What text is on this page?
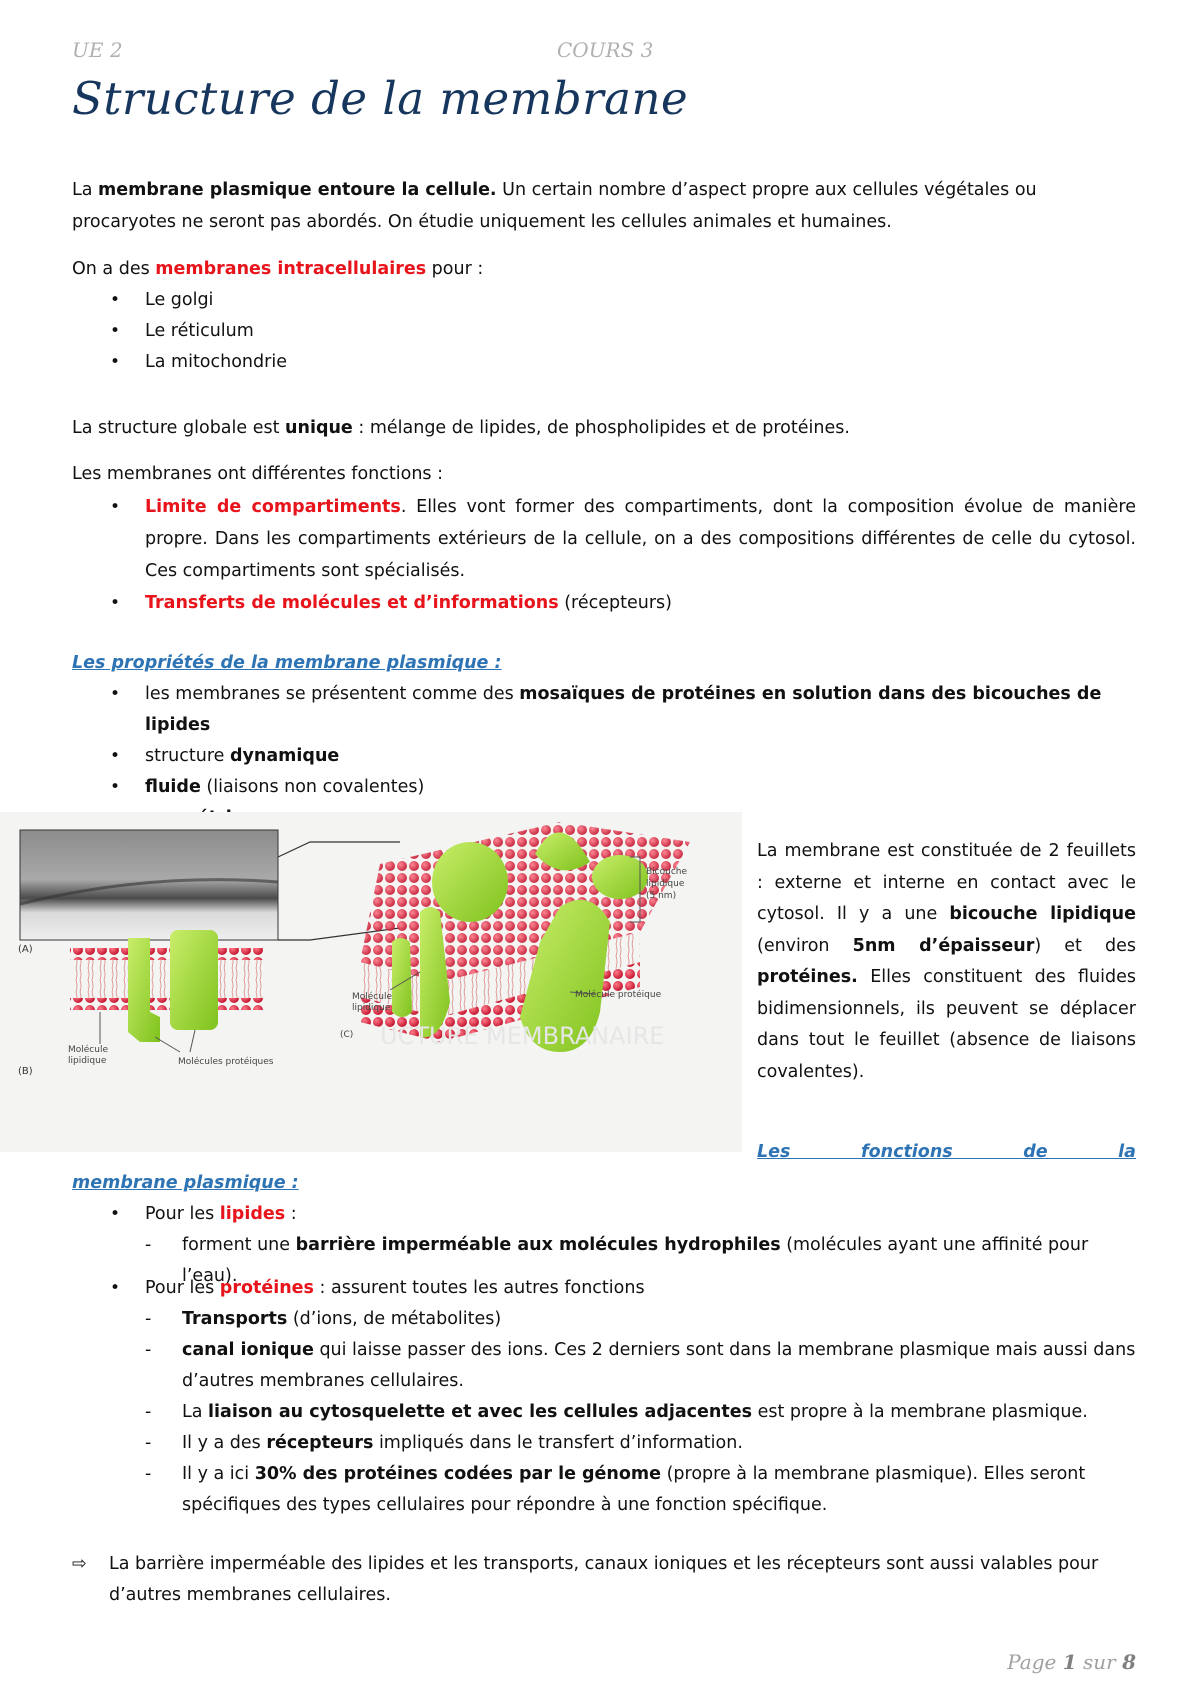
UE 2	COURS 3
Structure de la membrane
La membrane plasmique entoure la cellule. Un certain nombre d’aspect propre aux cellules végétales ou procaryotes ne seront pas abordés. On étudie uniquement les cellules animales et humaines.
On a des membranes intracellulaires pour :
• Le golgi
• Le réticulum
• La mitochondrie
La structure globale est unique : mélange de lipides, de phospholipides et de protéines.
Les membranes ont différentes fonctions :
• Limite de compartiments. Elles vont former des compartiments, dont la composition évolue de manière propre. Dans les compartiments extérieurs de la cellule, on a des compositions différentes de celle du cytosol. Ces compartiments sont spécialisés.
• Transferts de molécules et d’informations (récepteurs)
Les propriétés de la membrane plasmique :
• les membranes se présentent comme des mosaïques de protéines en solution dans des bicouches de lipides
• structure dynamique
• fluide (liaisons non covalentes)
(A)
Bicouche
lipidique
(5 nm)
Molécule protéique
Molécule
lipidique
(C)
Molécule
lipidique	Molécules protéiques
(B)
UCTURE MEMBRANAIRE
La membrane est constituée de 2 feuillets : externe et interne en contact avec le cytosol. Il y a une bicouche lipidique (environ 5nm d’épaisseur) et des protéines. Elles constituent des fluides bidimensionnels, ils peuvent se déplacer dans tout le feuillet (absence de liaisons covalentes).
Les fonctions de la
membrane plasmique :
• Pour les lipides :
- forment une barrière imperméable aux molécules hydrophiles (molécules ayant une affinité pour l’eau).
• Pour les protéines : assurent toutes les autres fonctions
- Transports (d’ions, de métabolites)
- canal ionique qui laisse passer des ions. Ces 2 derniers sont dans la membrane plasmique mais aussi dans d’autres membranes cellulaires.
- La liaison au cytosquelette et avec les cellules adjacentes est propre à la membrane plasmique.
- Il y a des récepteurs impliqués dans le transfert d’information.
- Il y a ici 30% des protéines codées par le génome (propre à la membrane plasmique). Elles seront spécifiques des types cellulaires pour répondre à une fonction spécifique.
⇨ La barrière imperméable des lipides et les transports, canaux ioniques et les récepteurs sont aussi valables pour d’autres membranes cellulaires.
Page 1 sur 8
